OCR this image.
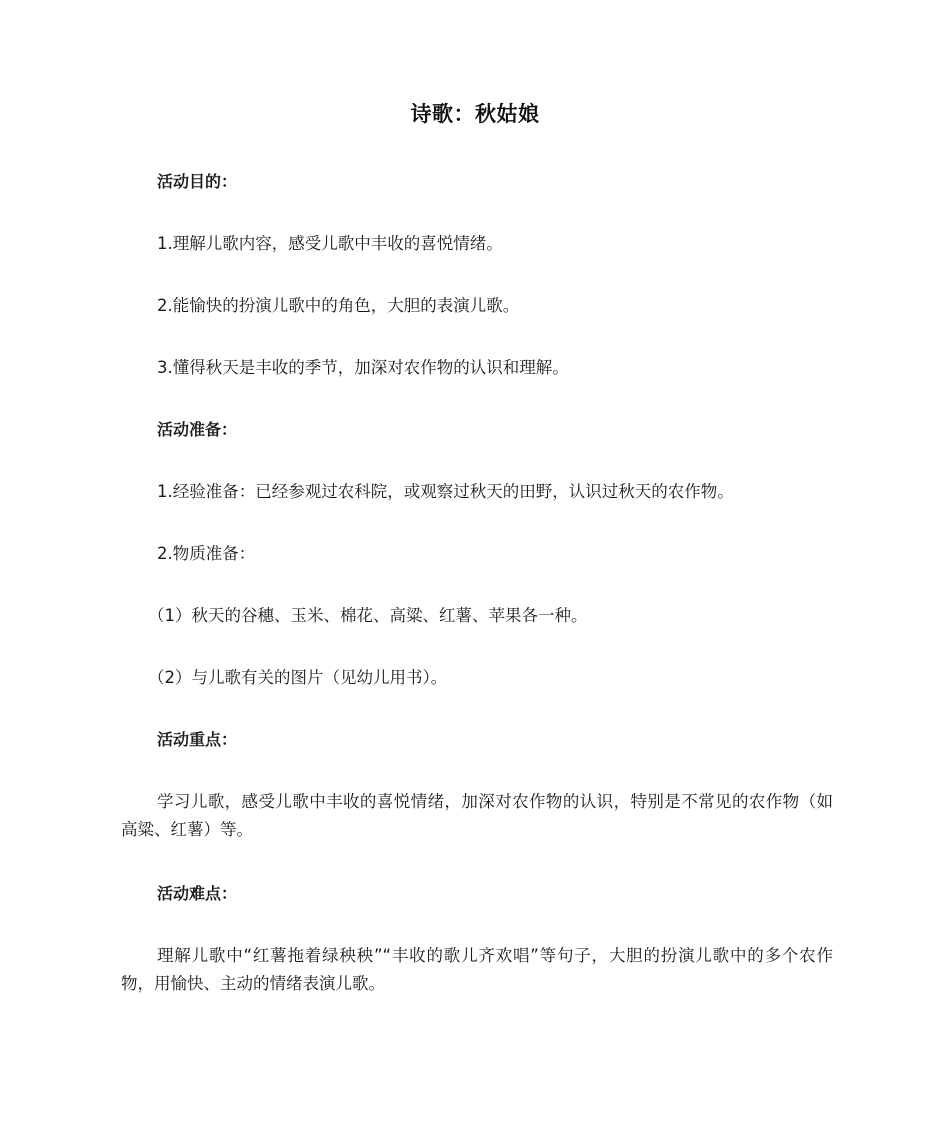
诗歌：秋姑娘
活动目的：
1.理解儿歌内容，感受儿歌中丰收的喜悦情绪。
2.能愉快的扮演儿歌中的角色，大胆的表演儿歌。
3.懂得秋天是丰收的季节，加深对农作物的认识和理解。
活动准备：
1.经验准备：已经参观过农科院，或观察过秋天的田野，认识过秋天的农作物。
2.物质准备：
（1）秋天的谷穗、玉米、棉花、高粱、红薯、苹果各一种。
（2）与儿歌有关的图片（见幼儿用书）。
活动重点：
学习儿歌，感受儿歌中丰收的喜悦情绪，加深对农作物的认识，特别是不常见的农作物（如高粱、红薯）等。
活动难点：
理解儿歌中“红薯拖着绿秧秧”“丰收的歌儿齐欢唱”等句子，大胆的扮演儿歌中的多个农作物，用愉快、主动的情绪表演儿歌。
